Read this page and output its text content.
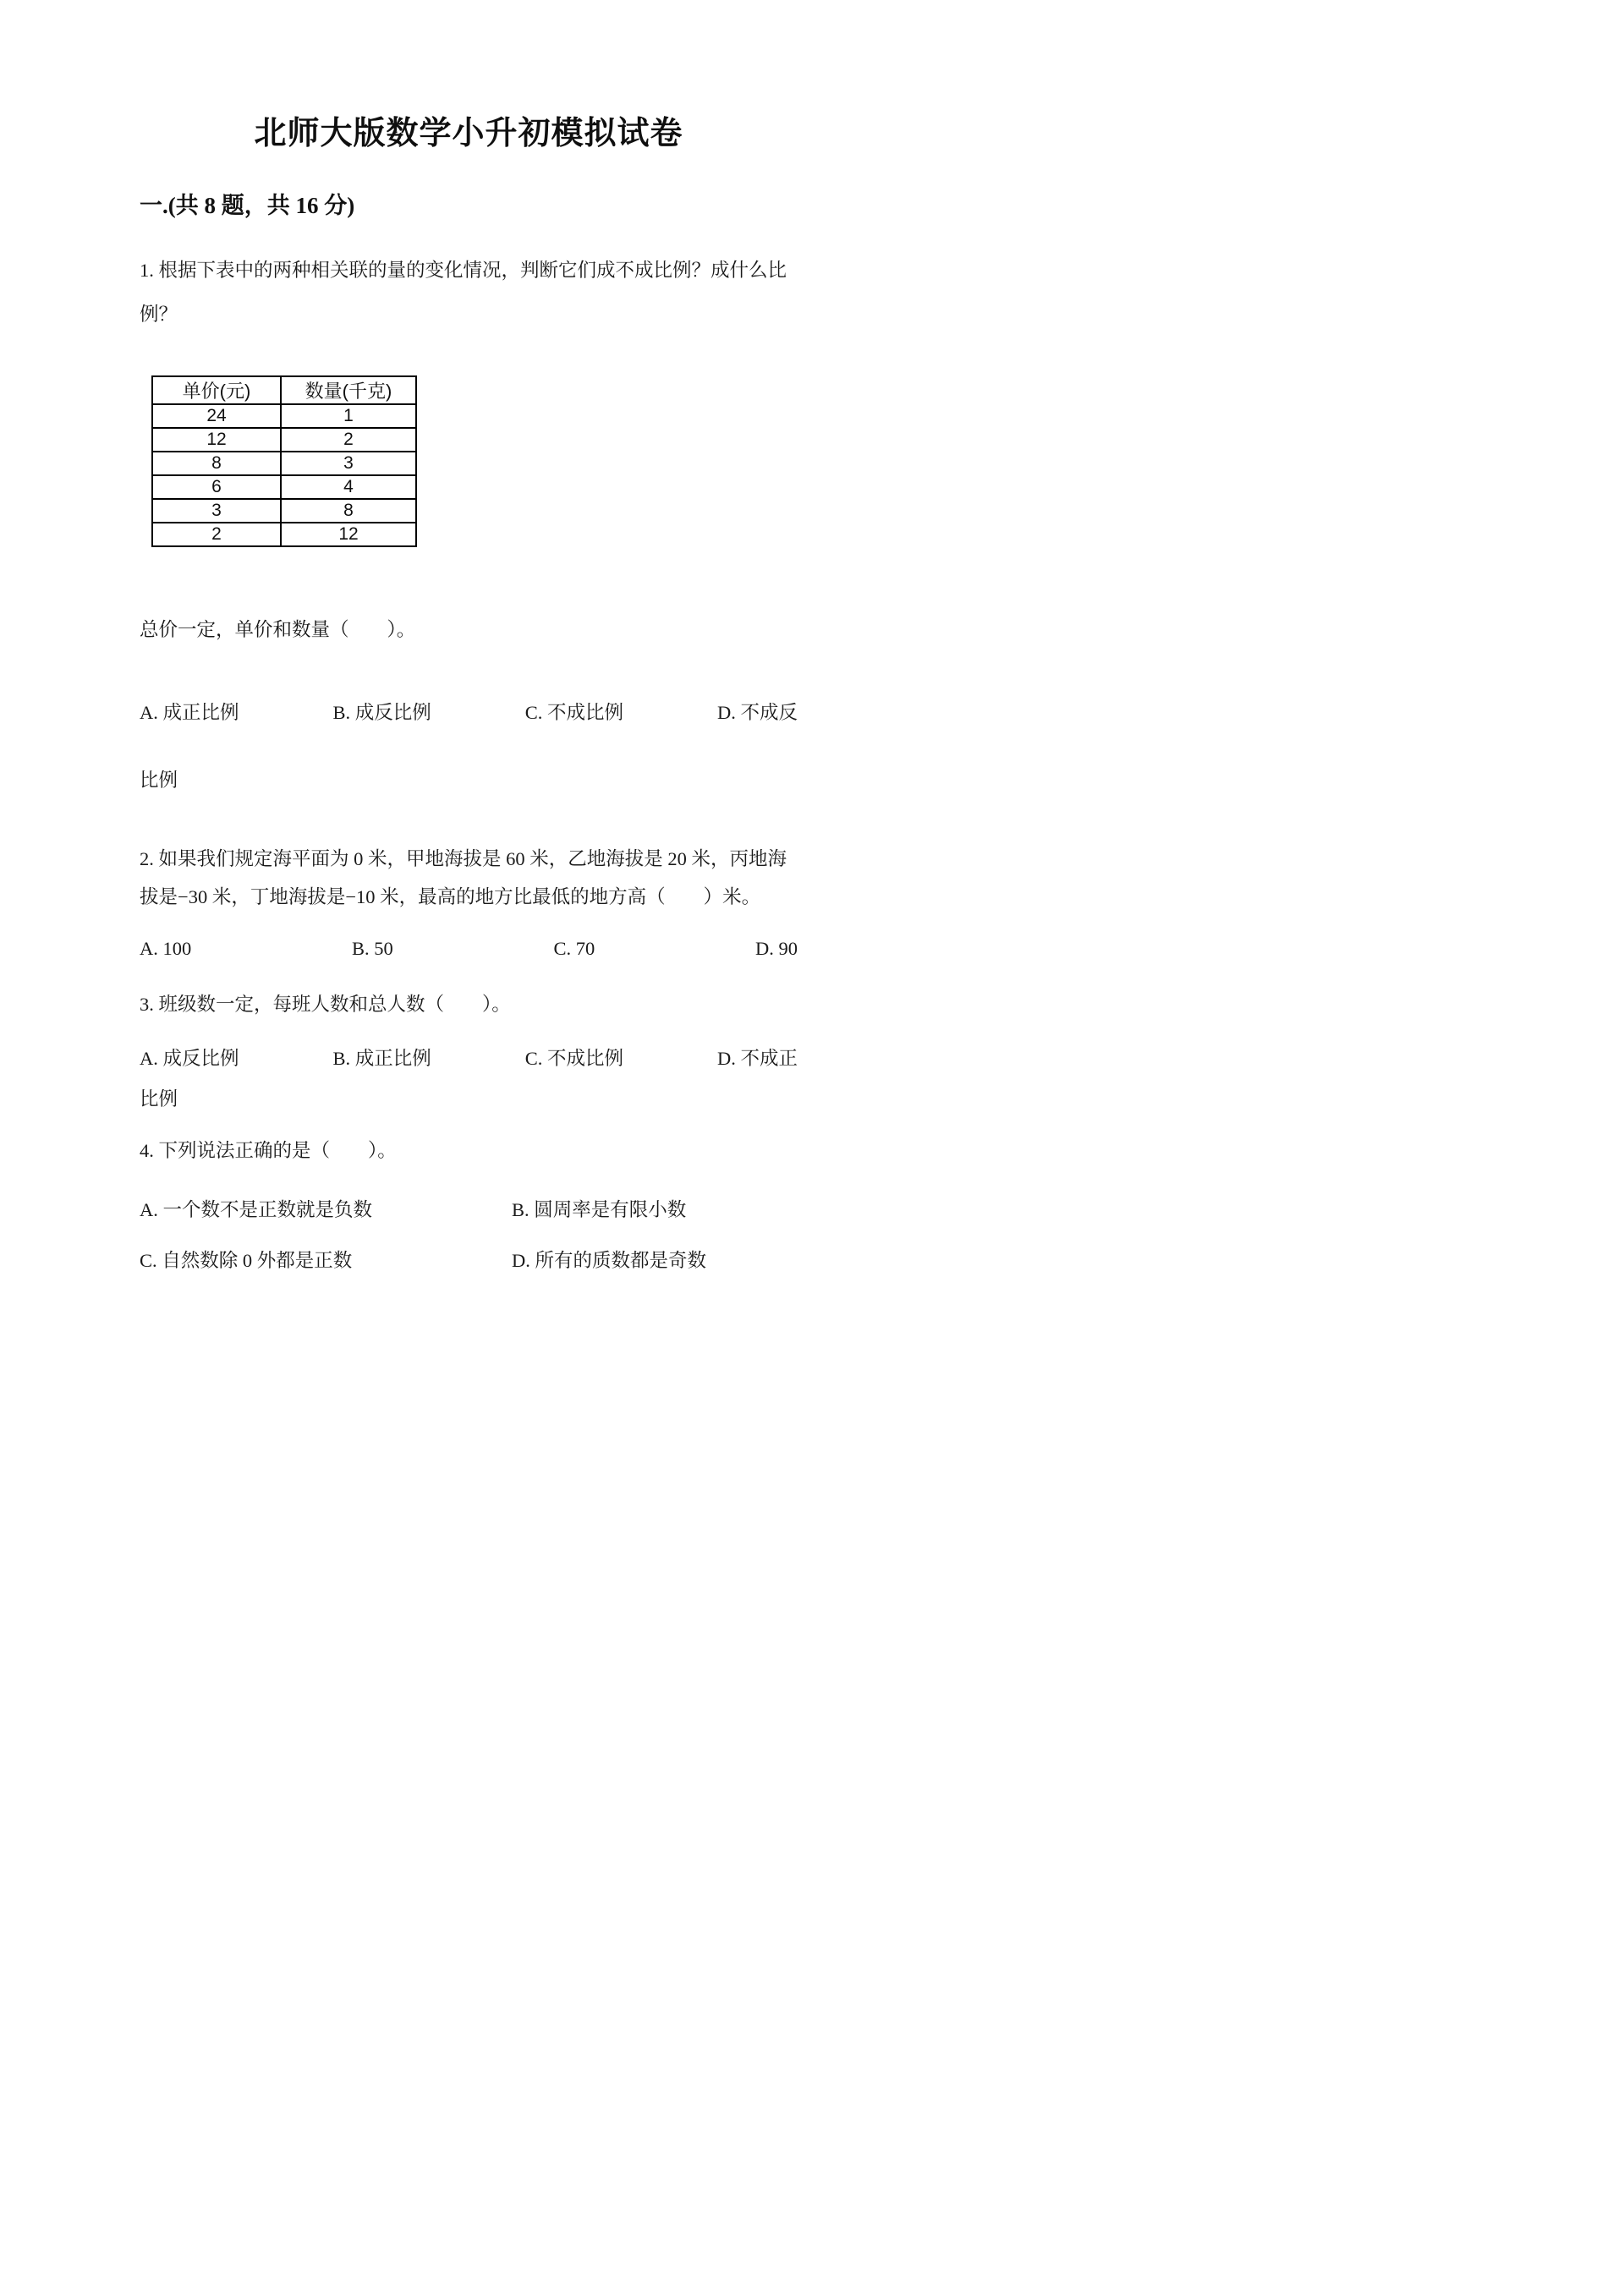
北师大版数学小升初模拟试卷
一.(共 8 题，共 16 分)
1. 根据下表中的两种相关联的量的变化情况，判断它们成不成比例？成什么比例？
单价(元)	数量(千克)
24	1
12	2
8	3
6	4
3	8
2	12
总价一定，单价和数量（　　）。
A. 成正比例	B. 成反比例	C. 不成比例	D. 不成反
比例
2. 如果我们规定海平面为 0 米，甲地海拔是 60 米，乙地海拔是 20 米，丙地海拔是−30 米，丁地海拔是−10 米，最高的地方比最低的地方高（　　）米。
A. 100	B. 50	C. 70	D. 90
3. 班级数一定，每班人数和总人数（　　）。
A. 成反比例	B. 成正比例	C. 不成比例	D. 不成正
比例
4. 下列说法正确的是（　　）。
A. 一个数不是正数就是负数	B. 圆周率是有限小数
C. 自然数除 0 外都是正数	D. 所有的质数都是奇数
